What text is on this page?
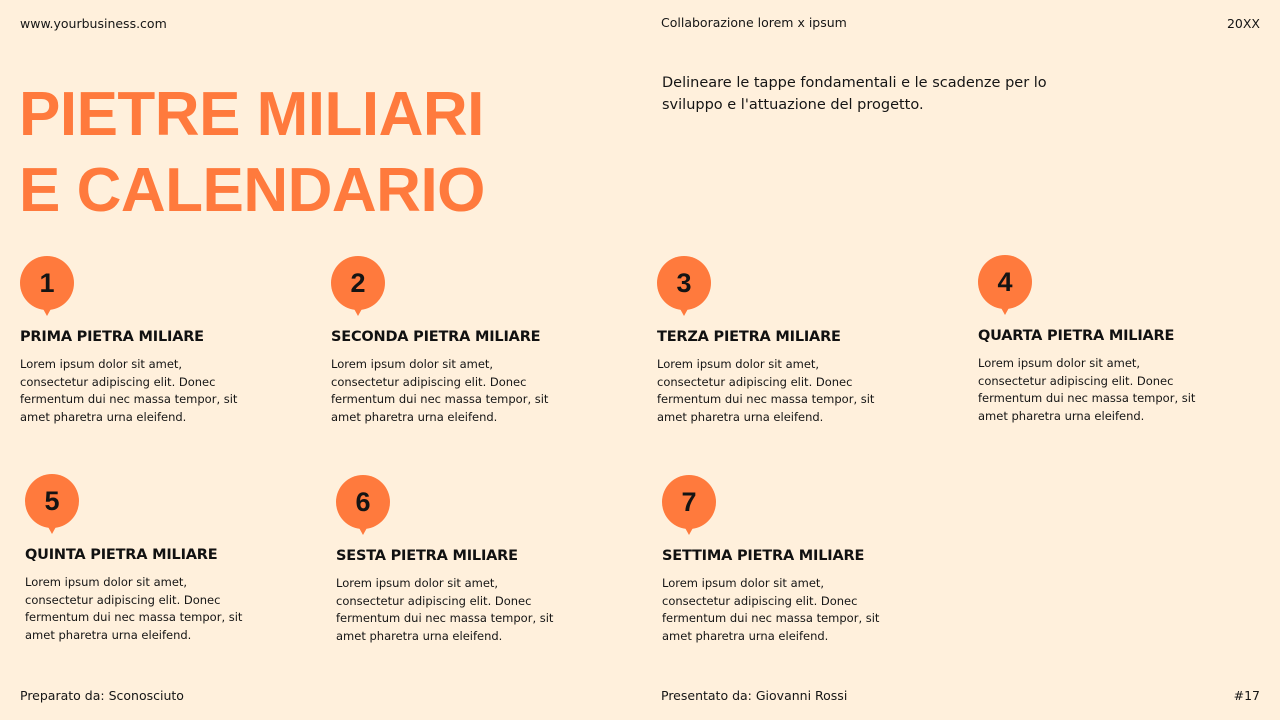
www.yourbusiness.com	Collaborazione lorem x ipsum	20XX
PIETRE MILIARI
E CALENDARIO
Delineare le tappe fondamentali e le scadenze per lo sviluppo e l'attuazione del progetto.
1
PRIMA PIETRA MILIARE
Lorem ipsum dolor sit amet, consectetur adipiscing elit. Donec fermentum dui nec massa tempor, sit amet pharetra urna eleifend.
2
SECONDA PIETRA MILIARE
Lorem ipsum dolor sit amet, consectetur adipiscing elit. Donec fermentum dui nec massa tempor, sit amet pharetra urna eleifend.
3
TERZA PIETRA MILIARE
Lorem ipsum dolor sit amet, consectetur adipiscing elit. Donec fermentum dui nec massa tempor, sit amet pharetra urna eleifend.
4
QUARTA PIETRA MILIARE
Lorem ipsum dolor sit amet, consectetur adipiscing elit. Donec fermentum dui nec massa tempor, sit amet pharetra urna eleifend.
5
QUINTA PIETRA MILIARE
Lorem ipsum dolor sit amet, consectetur adipiscing elit. Donec fermentum dui nec massa tempor, sit amet pharetra urna eleifend.
6
SESTA PIETRA MILIARE
Lorem ipsum dolor sit amet, consectetur adipiscing elit. Donec fermentum dui nec massa tempor, sit amet pharetra urna eleifend.
7
SETTIMA PIETRA MILIARE
Lorem ipsum dolor sit amet, consectetur adipiscing elit. Donec fermentum dui nec massa tempor, sit amet pharetra urna eleifend.
Preparato da: Sconosciuto	Presentato da: Giovanni Rossi	#17
